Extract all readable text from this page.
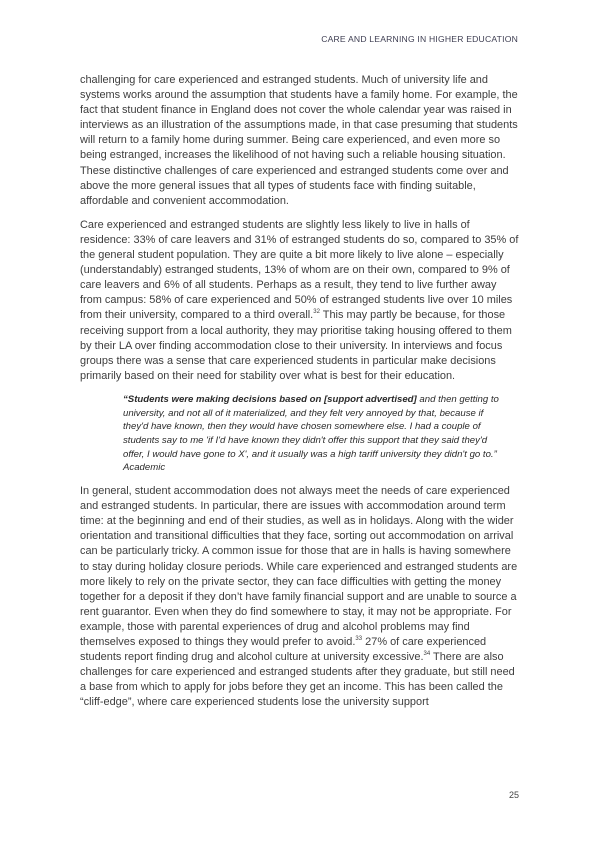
CARE AND LEARNING IN HIGHER EDUCATION

challenging for care experienced and estranged students. Much of university life and systems works around the assumption that students have a family home. For example, the fact that student finance in England does not cover the whole calendar year was raised in interviews as an illustration of the assumptions made, in that case presuming that students will return to a family home during summer. Being care experienced, and even more so being estranged, increases the likelihood of not having such a reliable housing situation. These distinctive challenges of care experienced and estranged students come over and above the more general issues that all types of students face with finding suitable, affordable and convenient accommodation.

Care experienced and estranged students are slightly less likely to live in halls of residence: 33% of care leavers and 31% of estranged students do so, compared to 35% of the general student population. They are quite a bit more likely to live alone – especially (understandably) estranged students, 13% of whom are on their own, compared to 9% of care leavers and 6% of all students. Perhaps as a result, they tend to live further away from campus: 58% of care experienced and 50% of estranged students live over 10 miles from their university, compared to a third overall.$^{32}$ This may partly be because, for those receiving support from a local authority, they may prioritise taking housing offered to them by their LA over finding accommodation close to their university. In interviews and focus groups there was a sense that care experienced students in particular make decisions primarily based on their need for stability over what is best for their education.

“Students were making decisions based on [support advertised] and then getting to university, and not all of it materialized, and they felt very annoyed by that, because if they'd have known, then they would have chosen somewhere else. I had a couple of students say to me 'if I'd have known they didn't offer this support that they said they'd offer, I would have gone to X', and it usually was a high tariff university they didn't go to.” Academic

In general, student accommodation does not always meet the needs of care experienced and estranged students. In particular, there are issues with accommodation around term time: at the beginning and end of their studies, as well as in holidays. Along with the wider orientation and transitional difficulties that they face, sorting out accommodation on arrival can be particularly tricky. A common issue for those that are in halls is having somewhere to stay during holiday closure periods. While care experienced and estranged students are more likely to rely on the private sector, they can face difficulties with getting the money together for a deposit if they don’t have family financial support and are unable to source a rent guarantor. Even when they do find somewhere to stay, it may not be appropriate. For example, those with parental experiences of drug and alcohol problems may find themselves exposed to things they would prefer to avoid.$^{33}$ 27% of care experienced students report finding drug and alcohol culture at university excessive.$^{34}$ There are also challenges for care experienced and estranged students after they graduate, but still need a base from which to apply for jobs before they get an income. This has been called the “cliff-edge”, where care experienced students lose the university support

25
